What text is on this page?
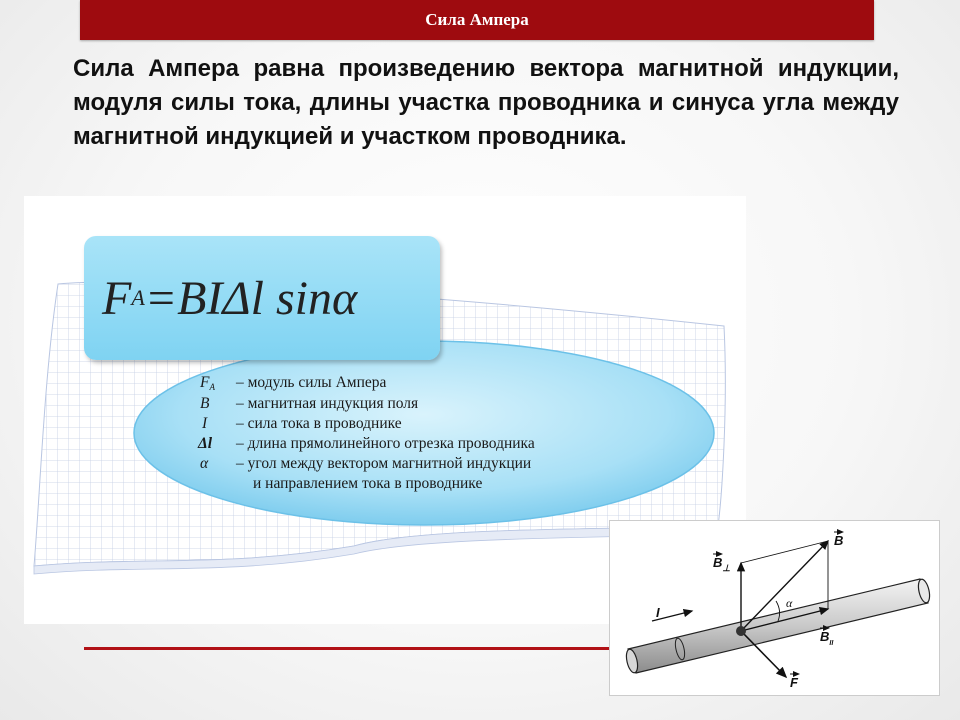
Сила Ампера
Сила Ампера равна произведению вектора магнитной индукции, модуля силы тока, длины участка проводника и синуса угла между магнитной индукцией и участком проводника.
FA – модуль силы Ампера
B – магнитная индукция поля
I – сила тока в проводнике
Δl – длина прямолинейного отрезка проводника
α – угол между вектором магнитной индукции
и направлением тока в проводнике
F A =BIΔl sinα
B
$B_\perp$
$B_{II}$
F
I
α
